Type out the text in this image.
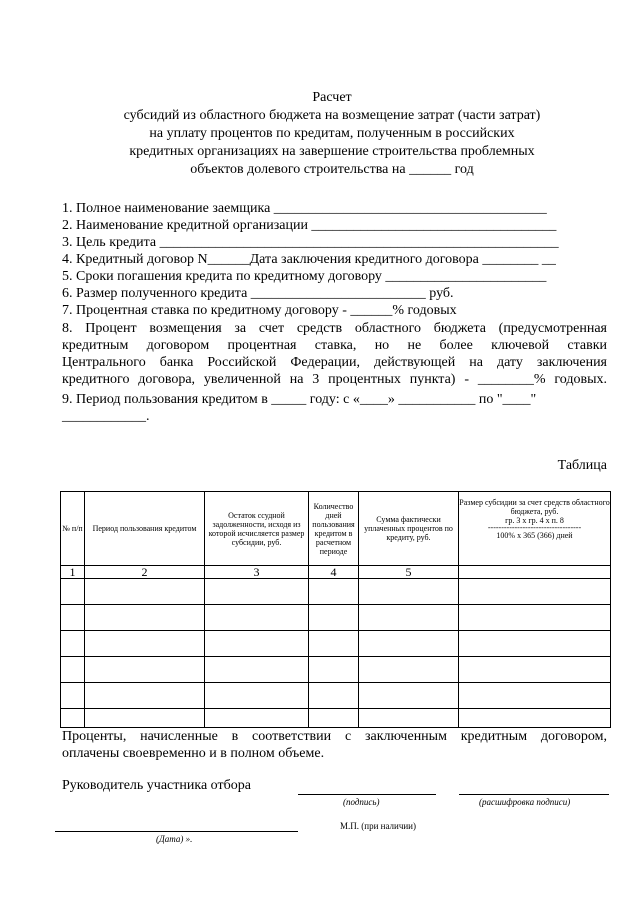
Расчет
субсидий из областного бюджета на возмещение затрат (части затрат)
на уплату процентов по кредитам, полученным в российских
кредитных организациях на завершение строительства проблемных
объектов долевого строительства на ______ год
1. Полное наименование заемщика _______________________________________
2. Наименование кредитной организации ___________________________________
3. Цель кредита _________________________________________________________
4. Кредитный договор N______Дата заключения кредитного договора ________ __
5. Сроки погашения кредита по кредитному договору _______________________
6. Размер полученного кредита _________________________ руб.
7. Процентная ставка по кредитному договору - ______% годовых
8. Процент возмещения за счет средств областного бюджета (предусмотренная
кредитным договором процентная ставка, но не более ключевой ставки
Центрального банка Российской Федерации, действующей на дату заключения
кредитного договора, увеличенной на 3 процентных пункта) - ________% годовых.
9. Период пользования кредитом в _____ году: с «____» ___________ по "____"
____________.
Таблица
№ п/п	Период пользования кредитом	Остаток ссудной задолженности, исходя из которой исчисляется размер субсидии, руб.	Количество дней пользования кредитом в расчетном периоде	Сумма фактически уплаченных процентов по кредиту, руб.	Размер субсидии за счет средств областного бюджета, руб.
гр. 3 х гр. 4 х п. 8
-----------------------------------
100% х 365 (366) дней

1	2	3	4	5	

Проценты, начисленные в соответствии с заключенным кредитным договором,
оплачены своевременно и в полном объеме.
Руководитель участника отбора
(подпись)	(расшифровка подписи)
М.П. (при наличии)
(Дата) ».
